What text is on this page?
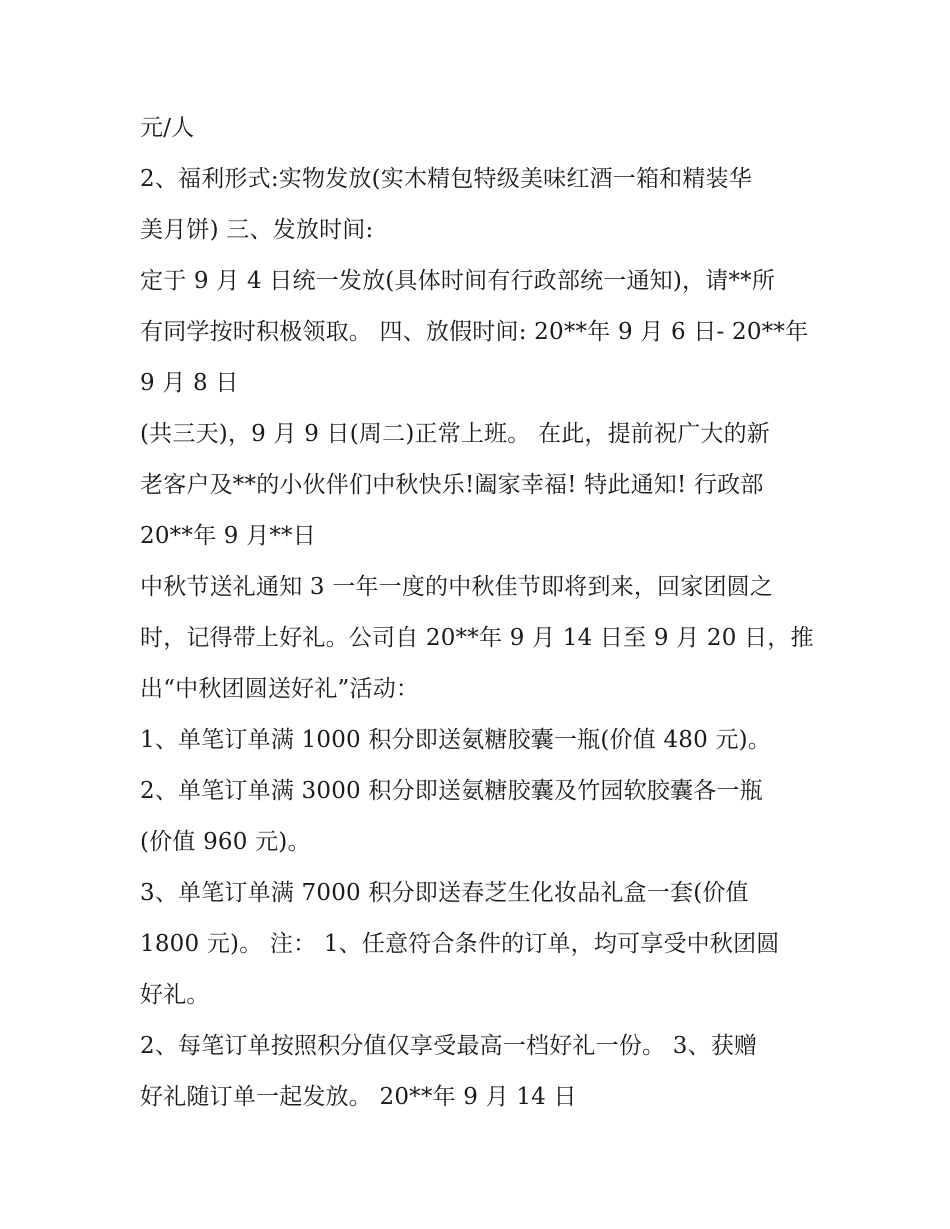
元/人
2、福利形式:实物发放(实木精包特级美味红酒一箱和精装华
美月饼) 三、发放时间:
定于 9 月 4 日统一发放(具体时间有行政部统一通知)，请**所
有同学按时积极领取。 四、放假时间: 20**年 9 月 6 日- 20**年
9 月 8 日
(共三天)，9 月 9 日(周二)正常上班。 在此，提前祝广大的新
老客户及**的小伙伴们中秋快乐!阖家幸福! 特此通知! 行政部
20**年 9 月**日
中秋节送礼通知 3 一年一度的中秋佳节即将到来，回家团圆之
时，记得带上好礼。公司自 20**年 9 月 14 日至 9 月 20 日，推
出“中秋团圆送好礼”活动：
1、单笔订单满 1000 积分即送氨糖胶囊一瓶(价值 480 元)。
2、单笔订单满 3000 积分即送氨糖胶囊及竹园软胶囊各一瓶
(价值 960 元)。
3、单笔订单满 7000 积分即送春芝生化妆品礼盒一套(价值
1800 元)。 注： 1、任意符合条件的订单，均可享受中秋团圆
好礼。
2、每笔订单按照积分值仅享受最高一档好礼一份。 3、获赠
好礼随订单一起发放。 20**年 9 月 14 日
